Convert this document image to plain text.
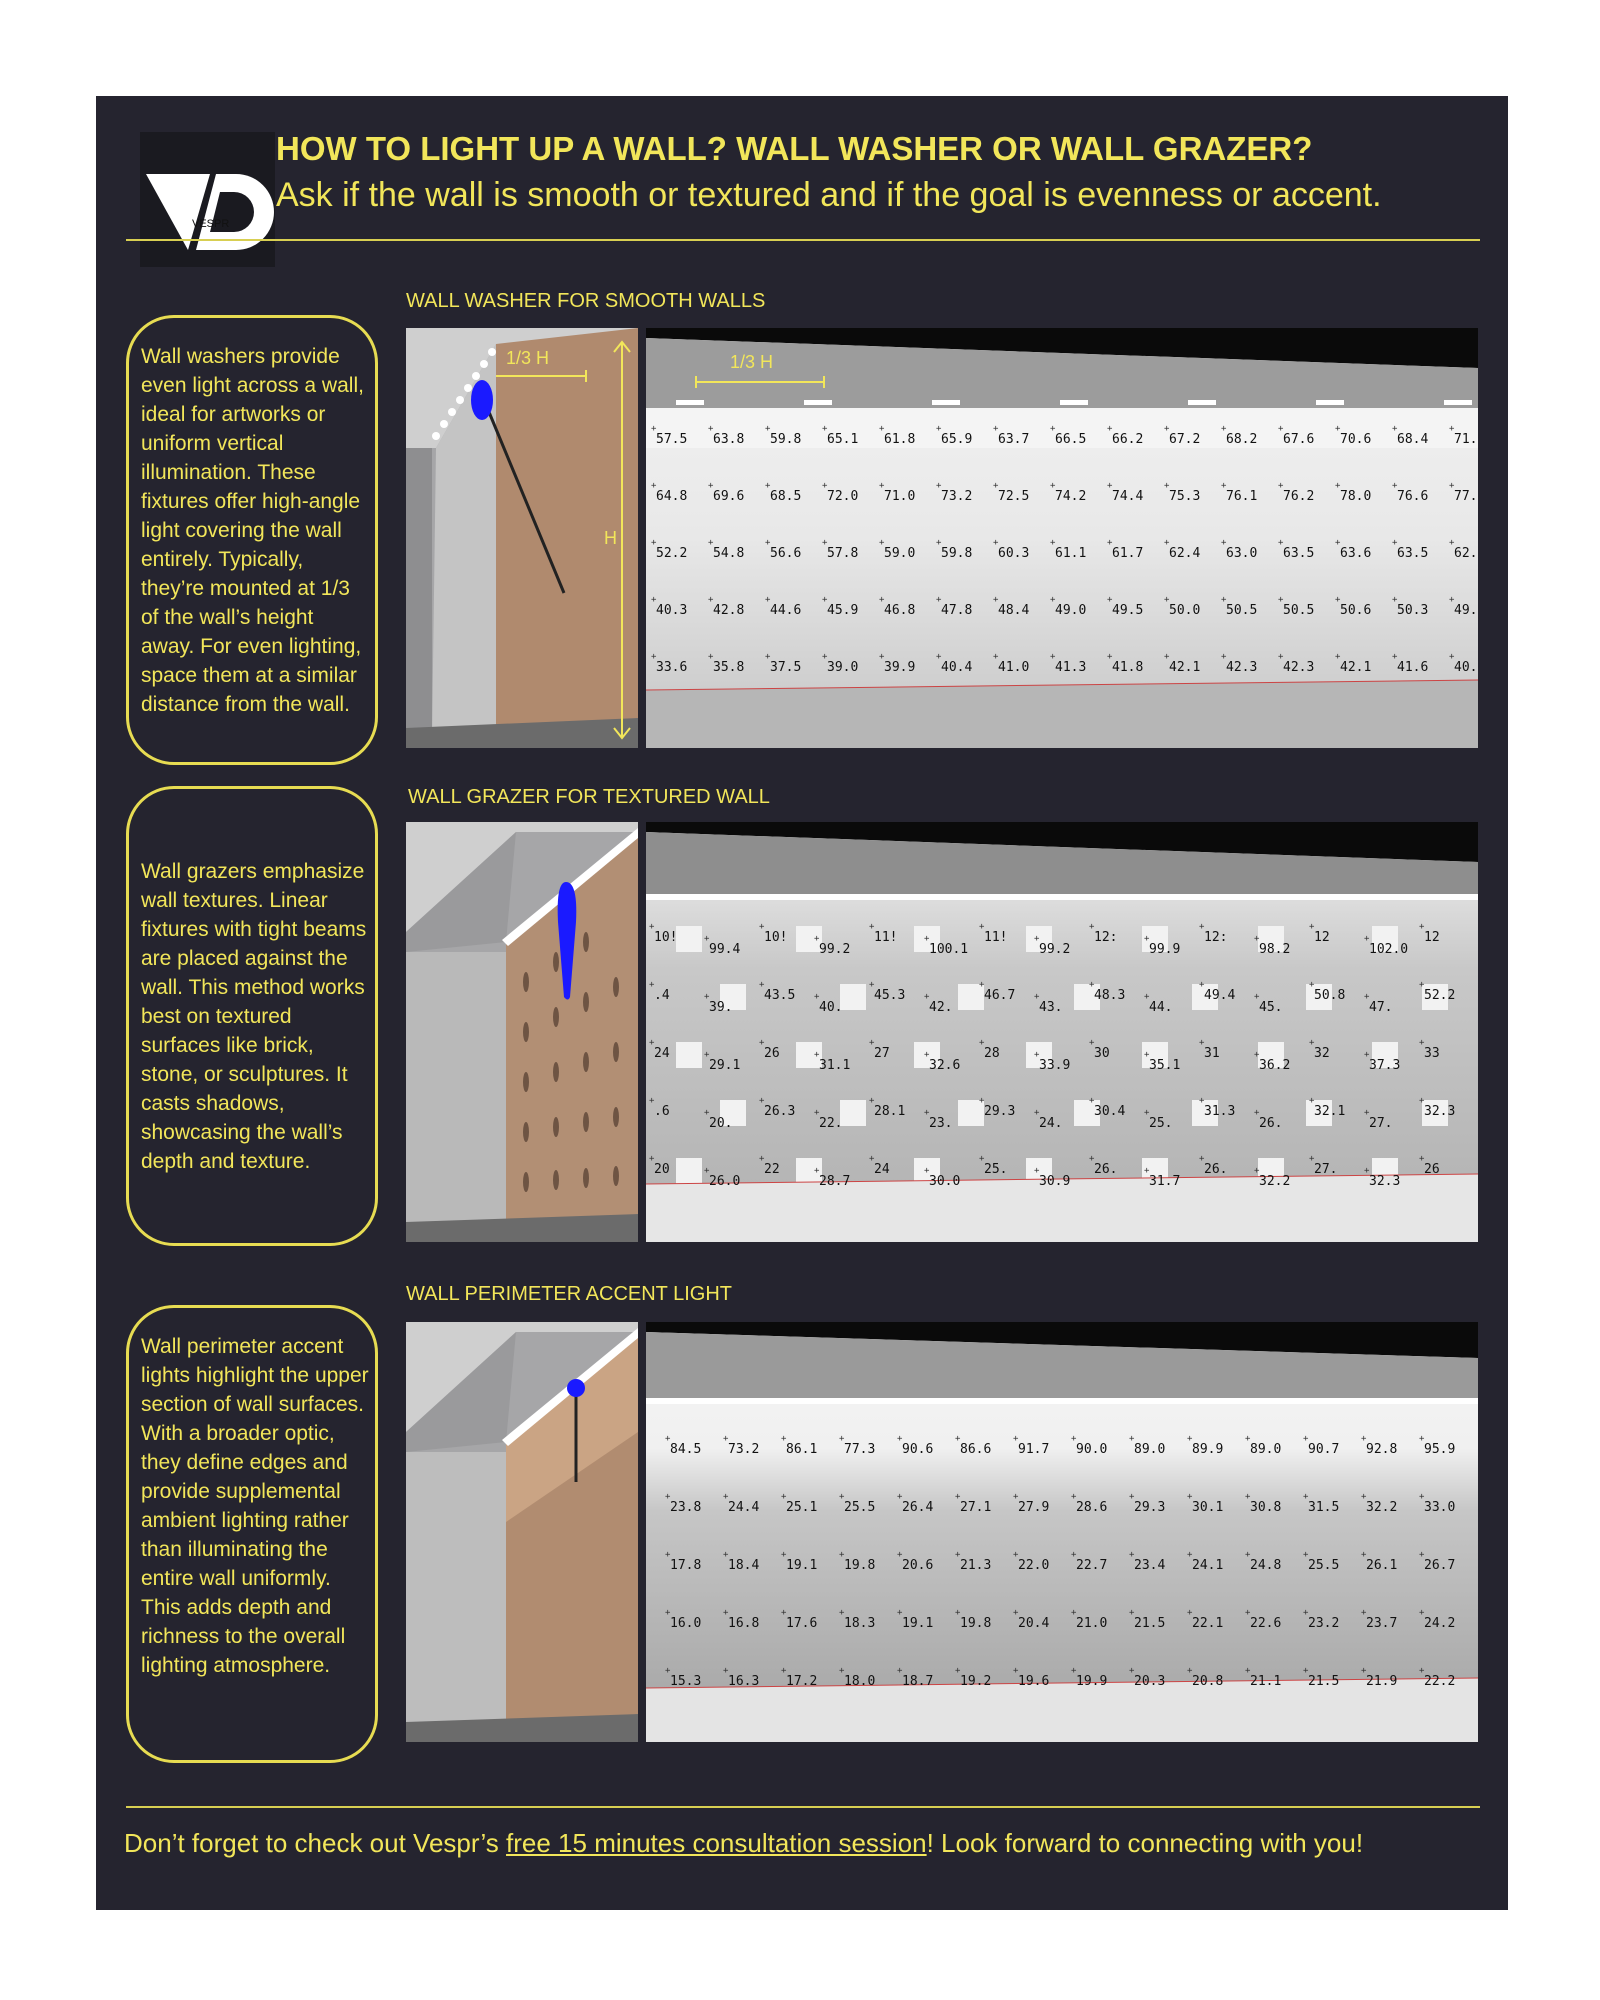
VESPR
HOW TO LIGHT UP A WALL? WALL WASHER OR WALL GRAZER?
Ask if the wall is smooth or textured and if the goal is evenness or accent.
WALL WASHER FOR SMOOTH WALLS
Wall washers provide even light across a wall, ideal for artworks or uniform vertical illumination. These fixtures offer high-angle light covering the wall entirely. Typically, they’re mounted at 1/3 of the wall’s height away. For even lighting, space them at a similar distance from the wall.
1/3 H
H
1/3 H
+ 57.5 + 63.8 + 59.8 + 65.1 + 61.8 + 65.9 + 63.7 + 66.5 + 66.2 + 67.2 + 68.2 + 67.6 + 70.6 + 68.4 + 71.
+ 64.8 + 69.6 + 68.5 + 72.0 + 71.0 + 73.2 + 72.5 + 74.2 + 74.4 + 75.3 + 76.1 + 76.2 + 78.0 + 76.6 + 77.
+ 52.2 + 54.8 + 56.6 + 57.8 + 59.0 + 59.8 + 60.3 + 61.1 + 61.7 + 62.4 + 63.0 + 63.5 + 63.6 + 63.5 + 62.
+ 40.3 + 42.8 + 44.6 + 45.9 + 46.8 + 47.8 + 48.4 + 49.0 + 49.5 + 50.0 + 50.5 + 50.5 + 50.6 + 50.3 + 49.
+ 33.6 + 35.8 + 37.5 + 39.0 + 39.9 + 40.4 + 41.0 + 41.3 + 41.8 + 42.1 + 42.3 + 42.3 + 42.1 + 41.6 + 40.
WALL GRAZER FOR TEXTURED WALL
Wall grazers emphasize wall textures. Linear fixtures with tight beams are placed against the wall. This method works best on textured surfaces like brick, stone, or sculptures. It casts shadows, showcasing the wall’s depth and texture.
+ 10!
+ 99.4
+ 10!
+ 99.2
+ 11!
+ 100.1
+ 11!
+ 99.2
+ 12:
+ 99.9
+ 12:
+ 98.2
+ 12
+ 102.0
+ 12
+ .4
+ 39.
+ 43.5
+ 40.
+ 45.3
+ 42.
+ 46.7
+ 43.
+ 48.3
+ 44.
+ 49.4
+ 45.
+ 50.8
+ 47.
+ 52.2
+ 24
+ 29.1
+ 26
+ 31.1
+ 27
+ 32.6
+ 28
+ 33.9
+ 30
+ 35.1
+ 31
+ 36.2
+ 32
+ 37.3
+ 33
+ .6
+ 20.
+ 26.3
+ 22.
+ 28.1
+ 23.
+ 29.3
+ 24.
+ 30.4
+ 25.
+ 31.3
+ 26.
+ 32.1
+ 27.
+ 32.3
+ 20
+ 26.0
+ 22
+ 28.7
+ 24
+ 30.0
+ 25.
+ 30.9
+ 26.
+ 31.7
+ 26.
+ 32.2
+ 27.
+ 32.3
+ 26
WALL PERIMETER ACCENT LIGHT
Wall perimeter accent lights highlight the upper section of wall surfaces. With a broader optic, they define edges and provide supplemental ambient lighting rather than illuminating the entire wall uniformly. This adds depth and richness to the overall lighting atmosphere.
+ 84.5 + 73.2 + 86.1 + 77.3 + 90.6 + 86.6 + 91.7 + 90.0 + 89.0 + 89.9 + 89.0 + 90.7 + 92.8 + 95.9
+ 23.8 + 24.4 + 25.1 + 25.5 + 26.4 + 27.1 + 27.9 + 28.6 + 29.3 + 30.1 + 30.8 + 31.5 + 32.2 + 33.0
+ 17.8 + 18.4 + 19.1 + 19.8 + 20.6 + 21.3 + 22.0 + 22.7 + 23.4 + 24.1 + 24.8 + 25.5 + 26.1 + 26.7
+ 16.0 + 16.8 + 17.6 + 18.3 + 19.1 + 19.8 + 20.4 + 21.0 + 21.5 + 22.1 + 22.6 + 23.2 + 23.7 + 24.2
+ 15.3 + 16.3 + 17.2 + 18.0 + 18.7 + 19.2 + 19.6 + 19.9 + 20.3 + 20.8 + 21.1 + 21.5 + 21.9 + 22.2
Don’t forget to check out Vespr’s free 15 minutes consultation session! Look forward to connecting with you!
